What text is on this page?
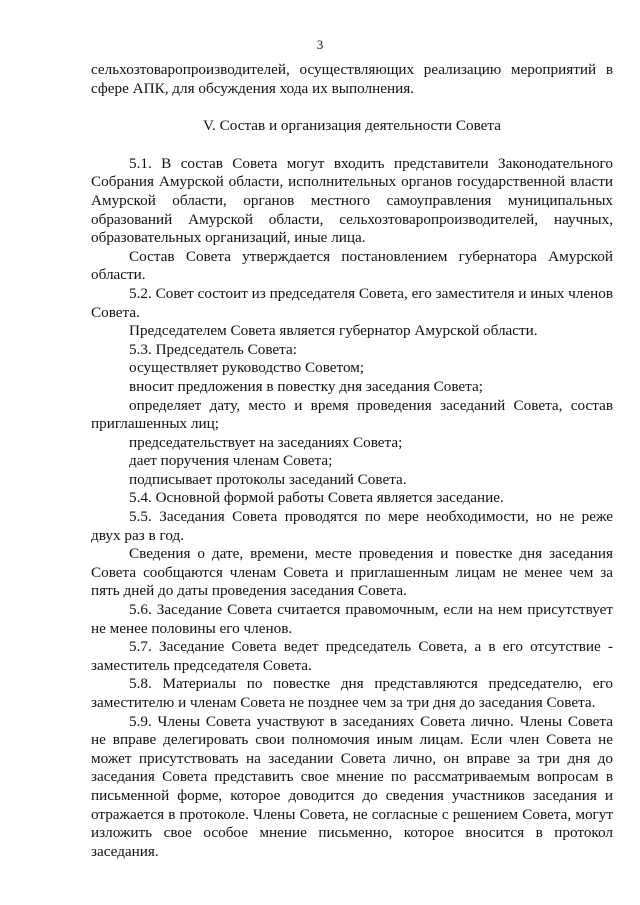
3

сельхозтоваропроизводителей, осуществляющих реализацию мероприятий в сфере АПК, для обсуждения хода их выполнения.

V. Состав и организация деятельности Совета

5.1. В состав Совета могут входить представители Законодательного Собрания Амурской области, исполнительных органов государственной власти Амурской области, органов местного самоуправления муниципальных образований Амурской области, сельхозтоваропроизводителей, научных, образовательных организаций, иные лица.

Состав Совета утверждается постановлением губернатора Амурской области.

5.2. Совет состоит из председателя Совета, его заместителя и иных членов Совета.

Председателем Совета является губернатор Амурской области.

5.3. Председатель Совета:

осуществляет руководство Советом;

вносит предложения в повестку дня заседания Совета;

определяет дату, место и время проведения заседаний Совета, состав приглашенных лиц;

председательствует на заседаниях Совета;

дает поручения членам Совета;

подписывает протоколы заседаний Совета.

5.4. Основной формой работы Совета является заседание.

5.5. Заседания Совета проводятся по мере необходимости, но не реже двух раз в год.

Сведения о дате, времени, месте проведения и повестке дня заседания Совета сообщаются членам Совета и приглашенным лицам не менее чем за пять дней до даты проведения заседания Совета.

5.6. Заседание Совета считается правомочным, если на нем присутствует не менее половины его членов.

5.7. Заседание Совета ведет председатель Совета, а в его отсутствие - заместитель председателя Совета.

5.8. Материалы по повестке дня представляются председателю, его заместителю и членам Совета не позднее чем за три дня до заседания Совета.

5.9. Члены Совета участвуют в заседаниях Совета лично. Члены Совета не вправе делегировать свои полномочия иным лицам. Если член Совета не может присутствовать на заседании Совета лично, он вправе за три дня до заседания Совета представить свое мнение по рассматриваемым вопросам в письменной форме, которое доводится до сведения участников заседания и отражается в протоколе. Члены Совета, не согласные с решением Совета, могут изложить свое особое мнение письменно, которое вносится в протокол заседания.
